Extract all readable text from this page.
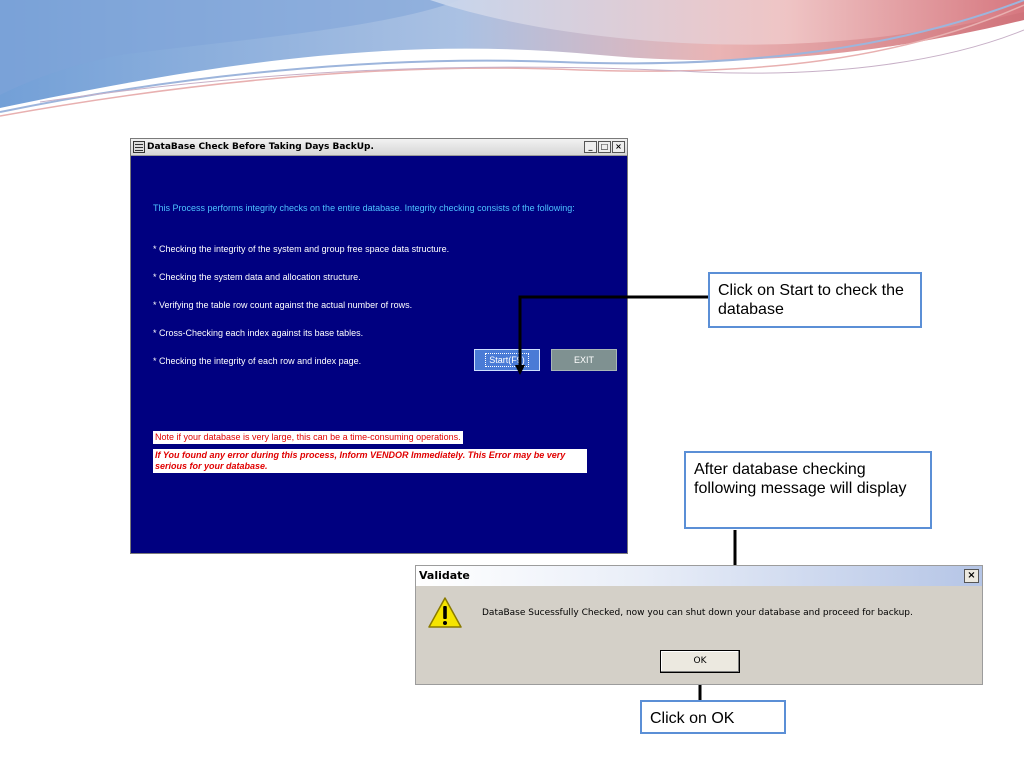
DataBase Check Before Taking Days BackUp.	_	□ ×
This Process performs integrity checks on the entire database. Integrity checking consists of the following:
* Checking the integrity of the system and group free space data structure.
* Checking the system data and allocation structure.
* Verifying the table row count against the actual number of rows.
* Cross-Checking each index against its base tables.
* Checking the integrity of each row and index page.	Start(F9)	EXIT
Note if your database is very large, this can be a time-consuming operations.
If You found any error during this process, Inform VENDOR Immediately. This Error may be very serious for your database.
Click on Start to check the database
After database checking following message will display
Click on OK
Validate	×
DataBase Sucessfully Checked, now you can shut down your database and proceed for backup.
OK
